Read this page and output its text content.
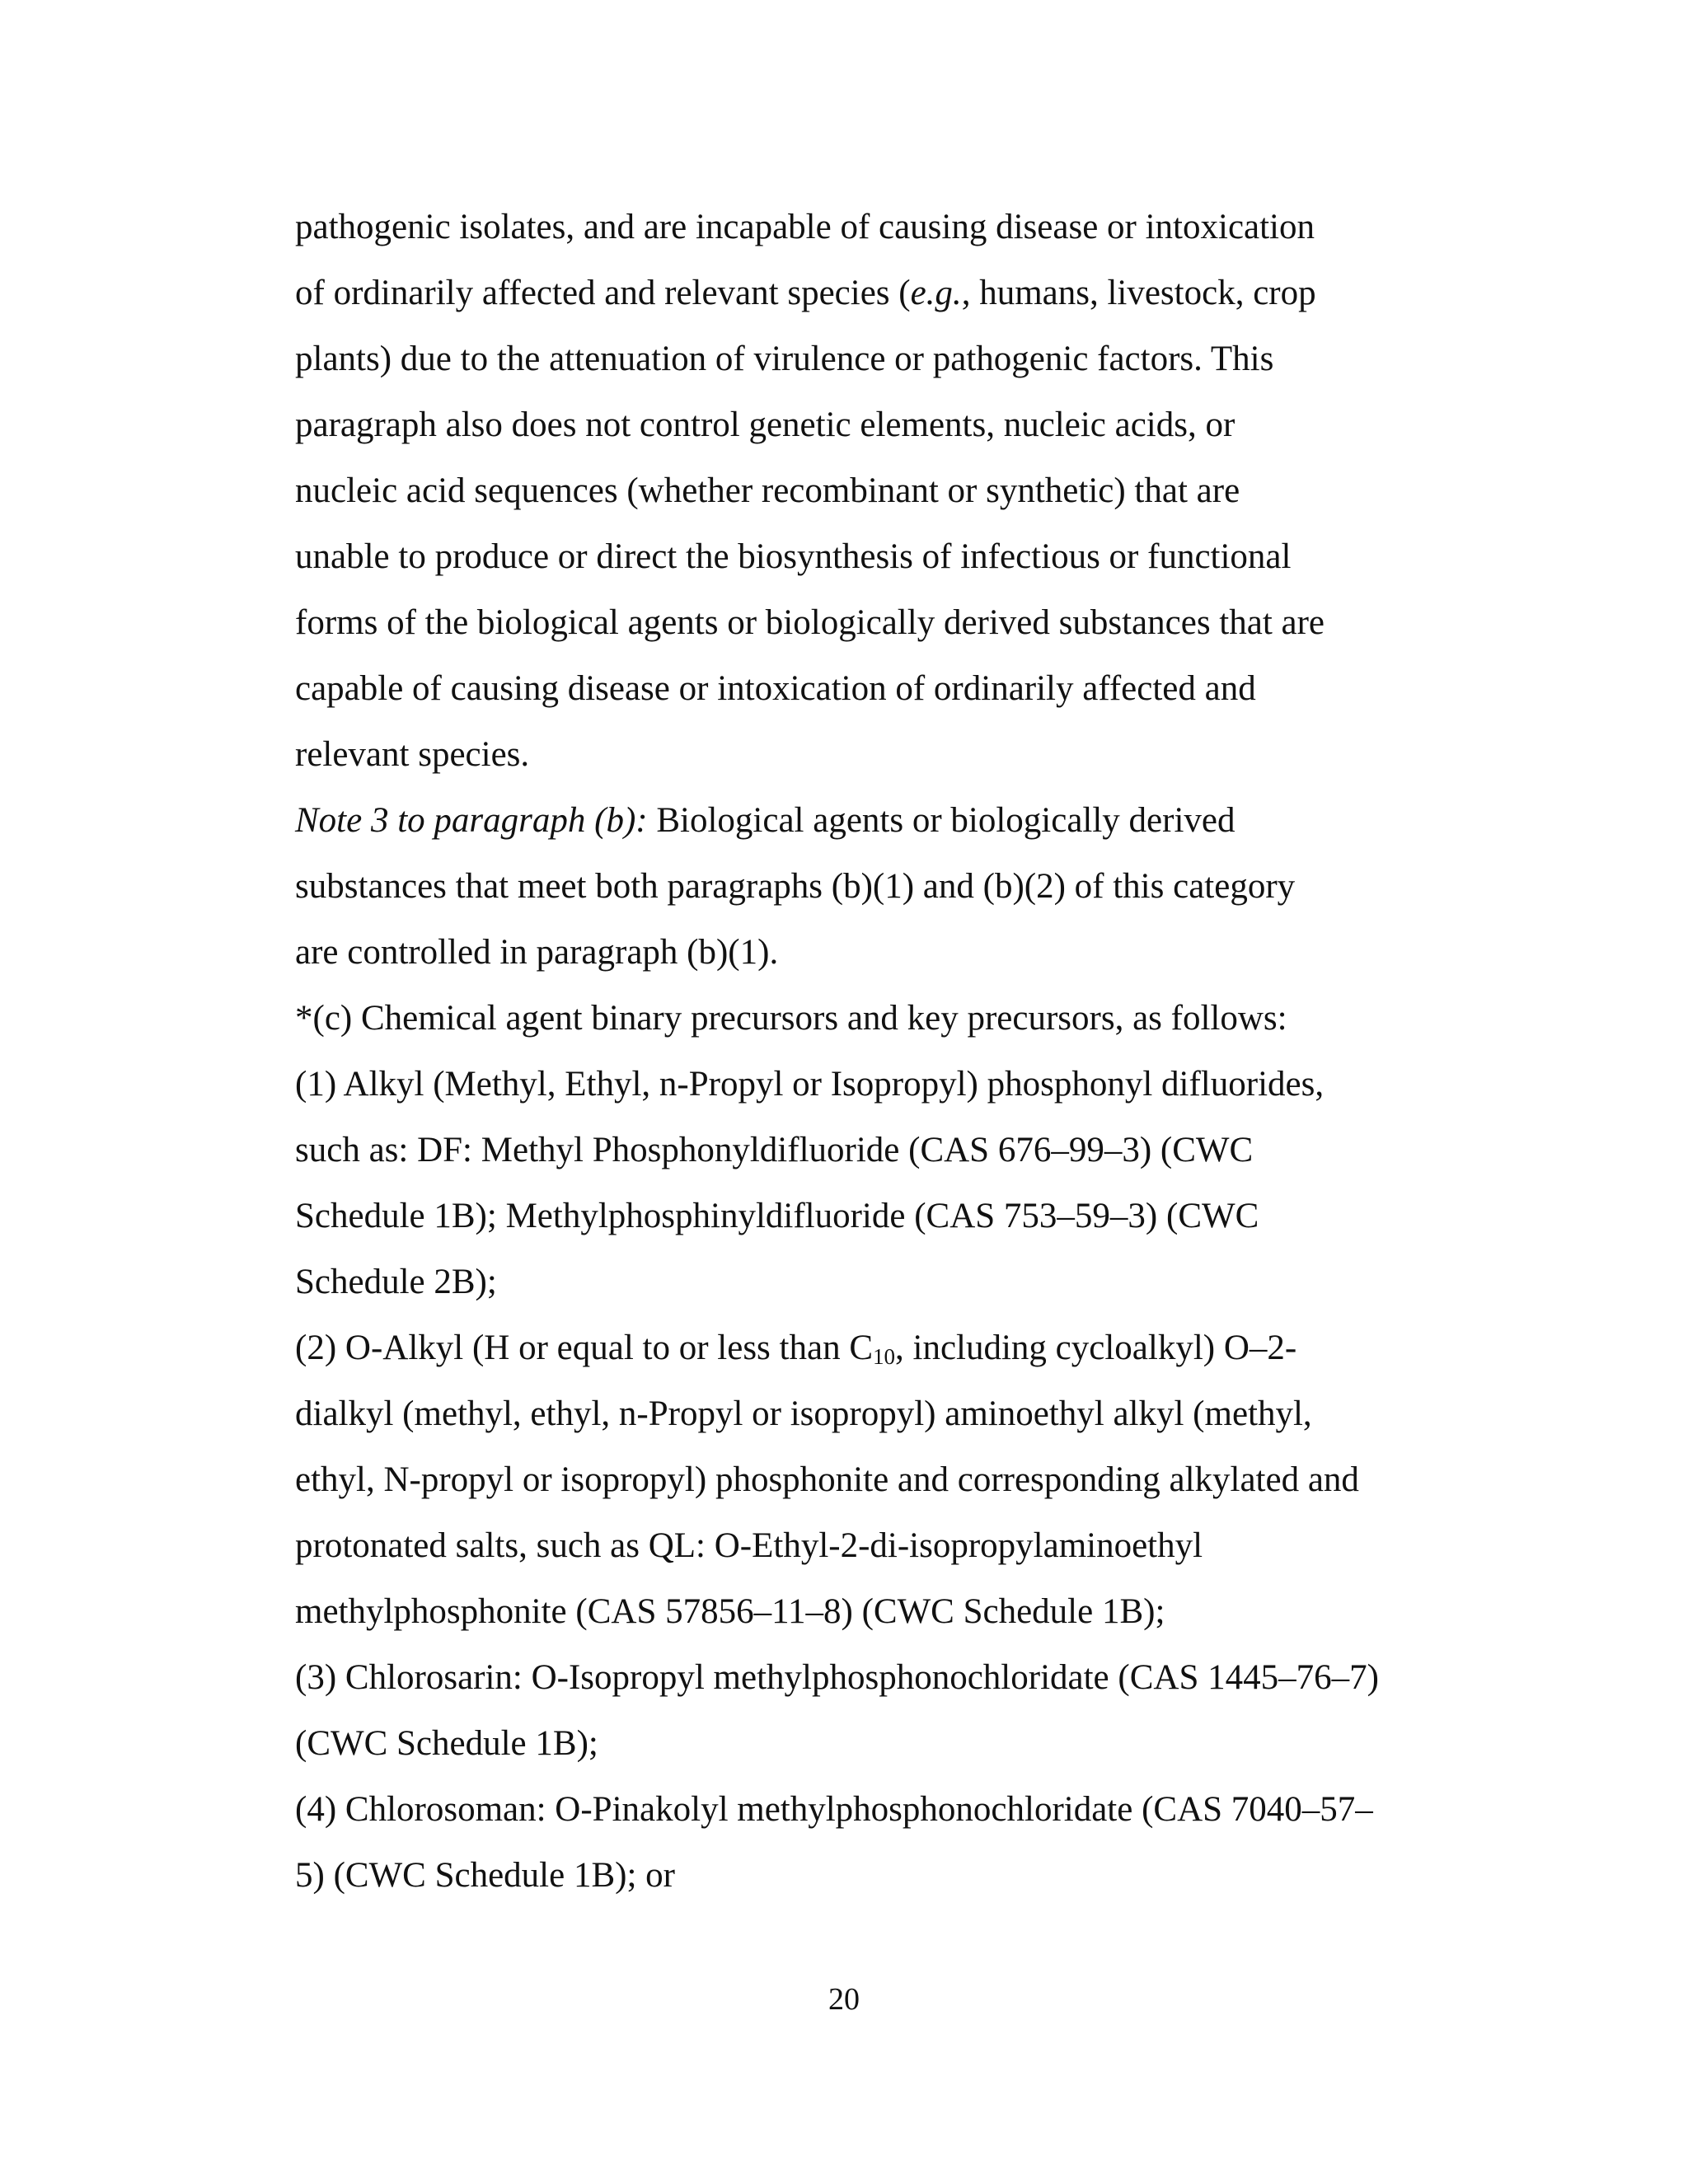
pathogenic isolates, and are incapable of causing disease or intoxication
of ordinarily affected and relevant species (e.g., humans, livestock, crop
plants) due to the attenuation of virulence or pathogenic factors. This
paragraph also does not control genetic elements, nucleic acids, or
nucleic acid sequences (whether recombinant or synthetic) that are
unable to produce or direct the biosynthesis of infectious or functional
forms of the biological agents or biologically derived substances that are
capable of causing disease or intoxication of ordinarily affected and
relevant species.
Note 3 to paragraph (b): Biological agents or biologically derived
substances that meet both paragraphs (b)(1) and (b)(2) of this category
are controlled in paragraph (b)(1).
*(c) Chemical agent binary precursors and key precursors, as follows:
(1) Alkyl (Methyl, Ethyl, n-Propyl or Isopropyl) phosphonyl difluorides,
such as: DF: Methyl Phosphonyldifluoride (CAS 676–99–3) (CWC
Schedule 1B); Methylphosphinyldifluoride (CAS 753–59–3) (CWC
Schedule 2B);
(2) O-Alkyl (H or equal to or less than $C_{10}$, including cycloalkyl) O–2-
dialkyl (methyl, ethyl, n-Propyl or isopropyl) aminoethyl alkyl (methyl,
ethyl, N-propyl or isopropyl) phosphonite and corresponding alkylated and
protonated salts, such as QL: O-Ethyl-2-di-isopropylaminoethyl
methylphosphonite (CAS 57856–11–8) (CWC Schedule 1B);
(3) Chlorosarin: O-Isopropyl methylphosphonochloridate (CAS 1445–76–7)
(CWC Schedule 1B);
(4) Chlorosoman: O-Pinakolyl methylphosphonochloridate (CAS 7040–57–
5) (CWC Schedule 1B); or
20
